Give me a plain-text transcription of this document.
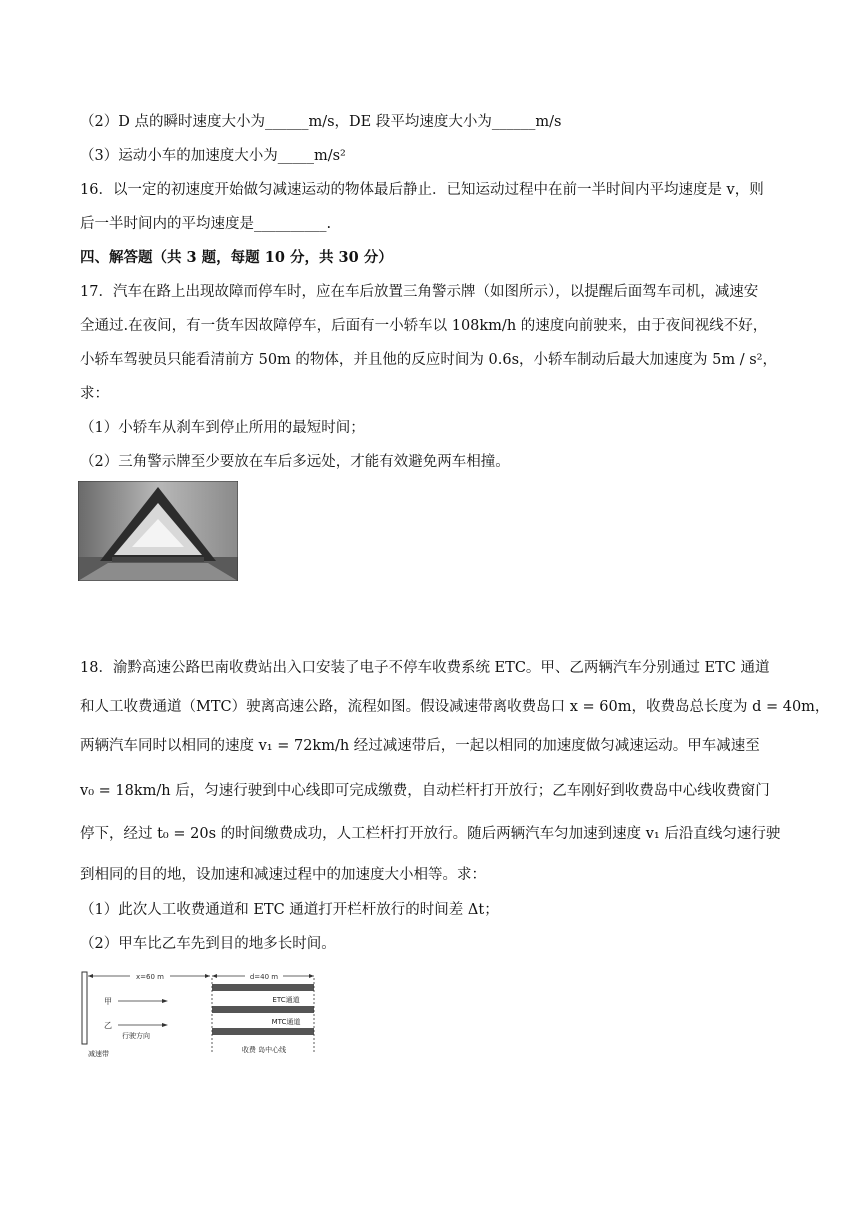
（2）D 点的瞬时速度大小为______m/s，DE 段平均速度大小为______m/s
（3）运动小车的加速度大小为_____m/s²
16．以一定的初速度开始做匀减速运动的物体最后静止．已知运动过程中在前一半时间内平均速度是 v，则
后一半时间内的平均速度是__________.
四、解答题（共 3 题，每题 10 分，共 30 分）
17．汽车在路上出现故障而停车时，应在车后放置三角警示牌（如图所示），以提醒后面驾车司机，减速安
全通过.在夜间，有一货车因故障停车，后面有一小轿车以 108km/h 的速度向前驶来，由于夜间视线不好，
小轿车驾驶员只能看清前方 50m 的物体，并且他的反应时间为 0.6s，小轿车制动后最大加速度为 5m / s²，
求：
（1）小轿车从刹车到停止所用的最短时间；
（2）三角警示牌至少要放在车后多远处，才能有效避免两车相撞。
18．渝黔高速公路巴南收费站出入口安装了电子不停车收费系统 ETC。甲、乙两辆汽车分别通过 ETC 通道
和人工收费通道（MTC）驶离高速公路，流程如图。假设减速带离收费岛口 x = 60m，收费岛总长度为 d = 40m，
两辆汽车同时以相同的速度 v₁ = 72km/h 经过减速带后，一起以相同的加速度做匀减速运动。甲车减速至
v₀ = 18km/h 后，匀速行驶到中心线即可完成缴费，自动栏杆打开放行；乙车刚好到收费岛中心线收费窗门
停下，经过 t₀ = 20s 的时间缴费成功，人工栏杆打开放行。随后两辆汽车匀加速到速度 v₁ 后沿直线匀速行驶
到相同的目的地，设加速和减速过程中的加速度大小相等。求：
（1）此次人工收费通道和 ETC 通道打开栏杆放行的时间差 Δt；
（2）甲车比乙车先到目的地多长时间。
x=60 m	d=40 m
ETC通道
MTC通道
甲
乙
行驶方向
减速带	收费 岛中心线
